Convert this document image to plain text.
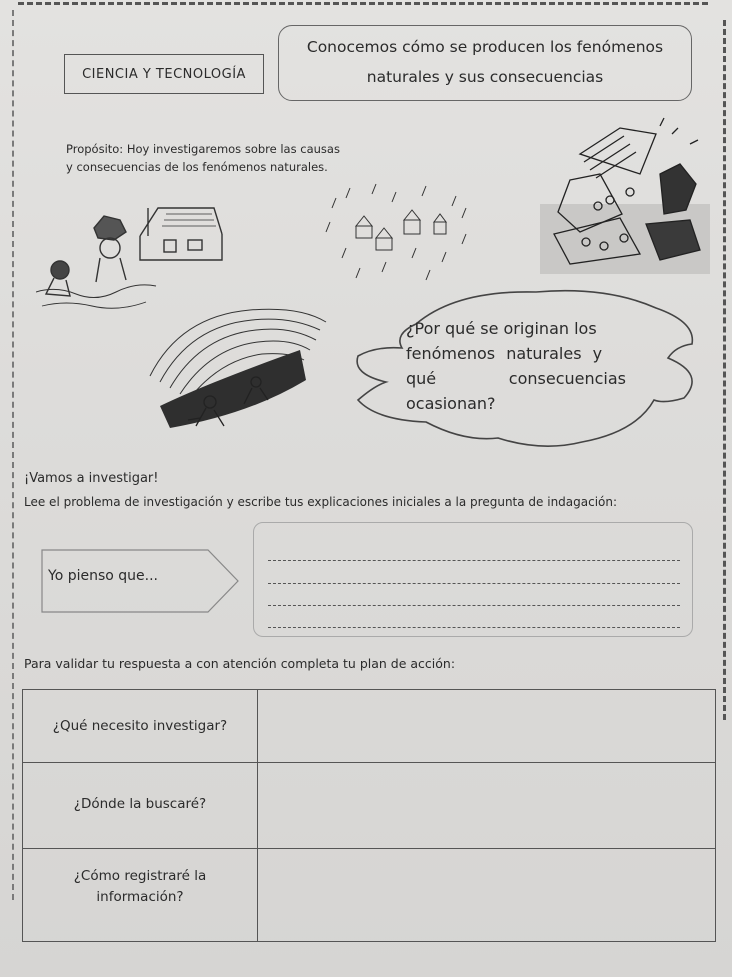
CIENCIA Y TECNOLOGÍA
Conocemos cómo se producen los fenómenos
naturales y sus consecuencias
Propósito: Hoy investigaremos sobre las causas
y consecuencias de los fenómenos naturales.
¿Por qué se originan los
fenómenos naturales y
qué	consecuencias
ocasionan?
¡Vamos a investigar!
Lee el problema de investigación y escribe tus explicaciones iniciales a la pregunta de indagación:
Yo pienso que...
Para validar tu respuesta a con atención completa tu plan de acción:
¿Qué necesito investigar?
¿Dónde la buscaré?
¿Cómo registraré la
información?
